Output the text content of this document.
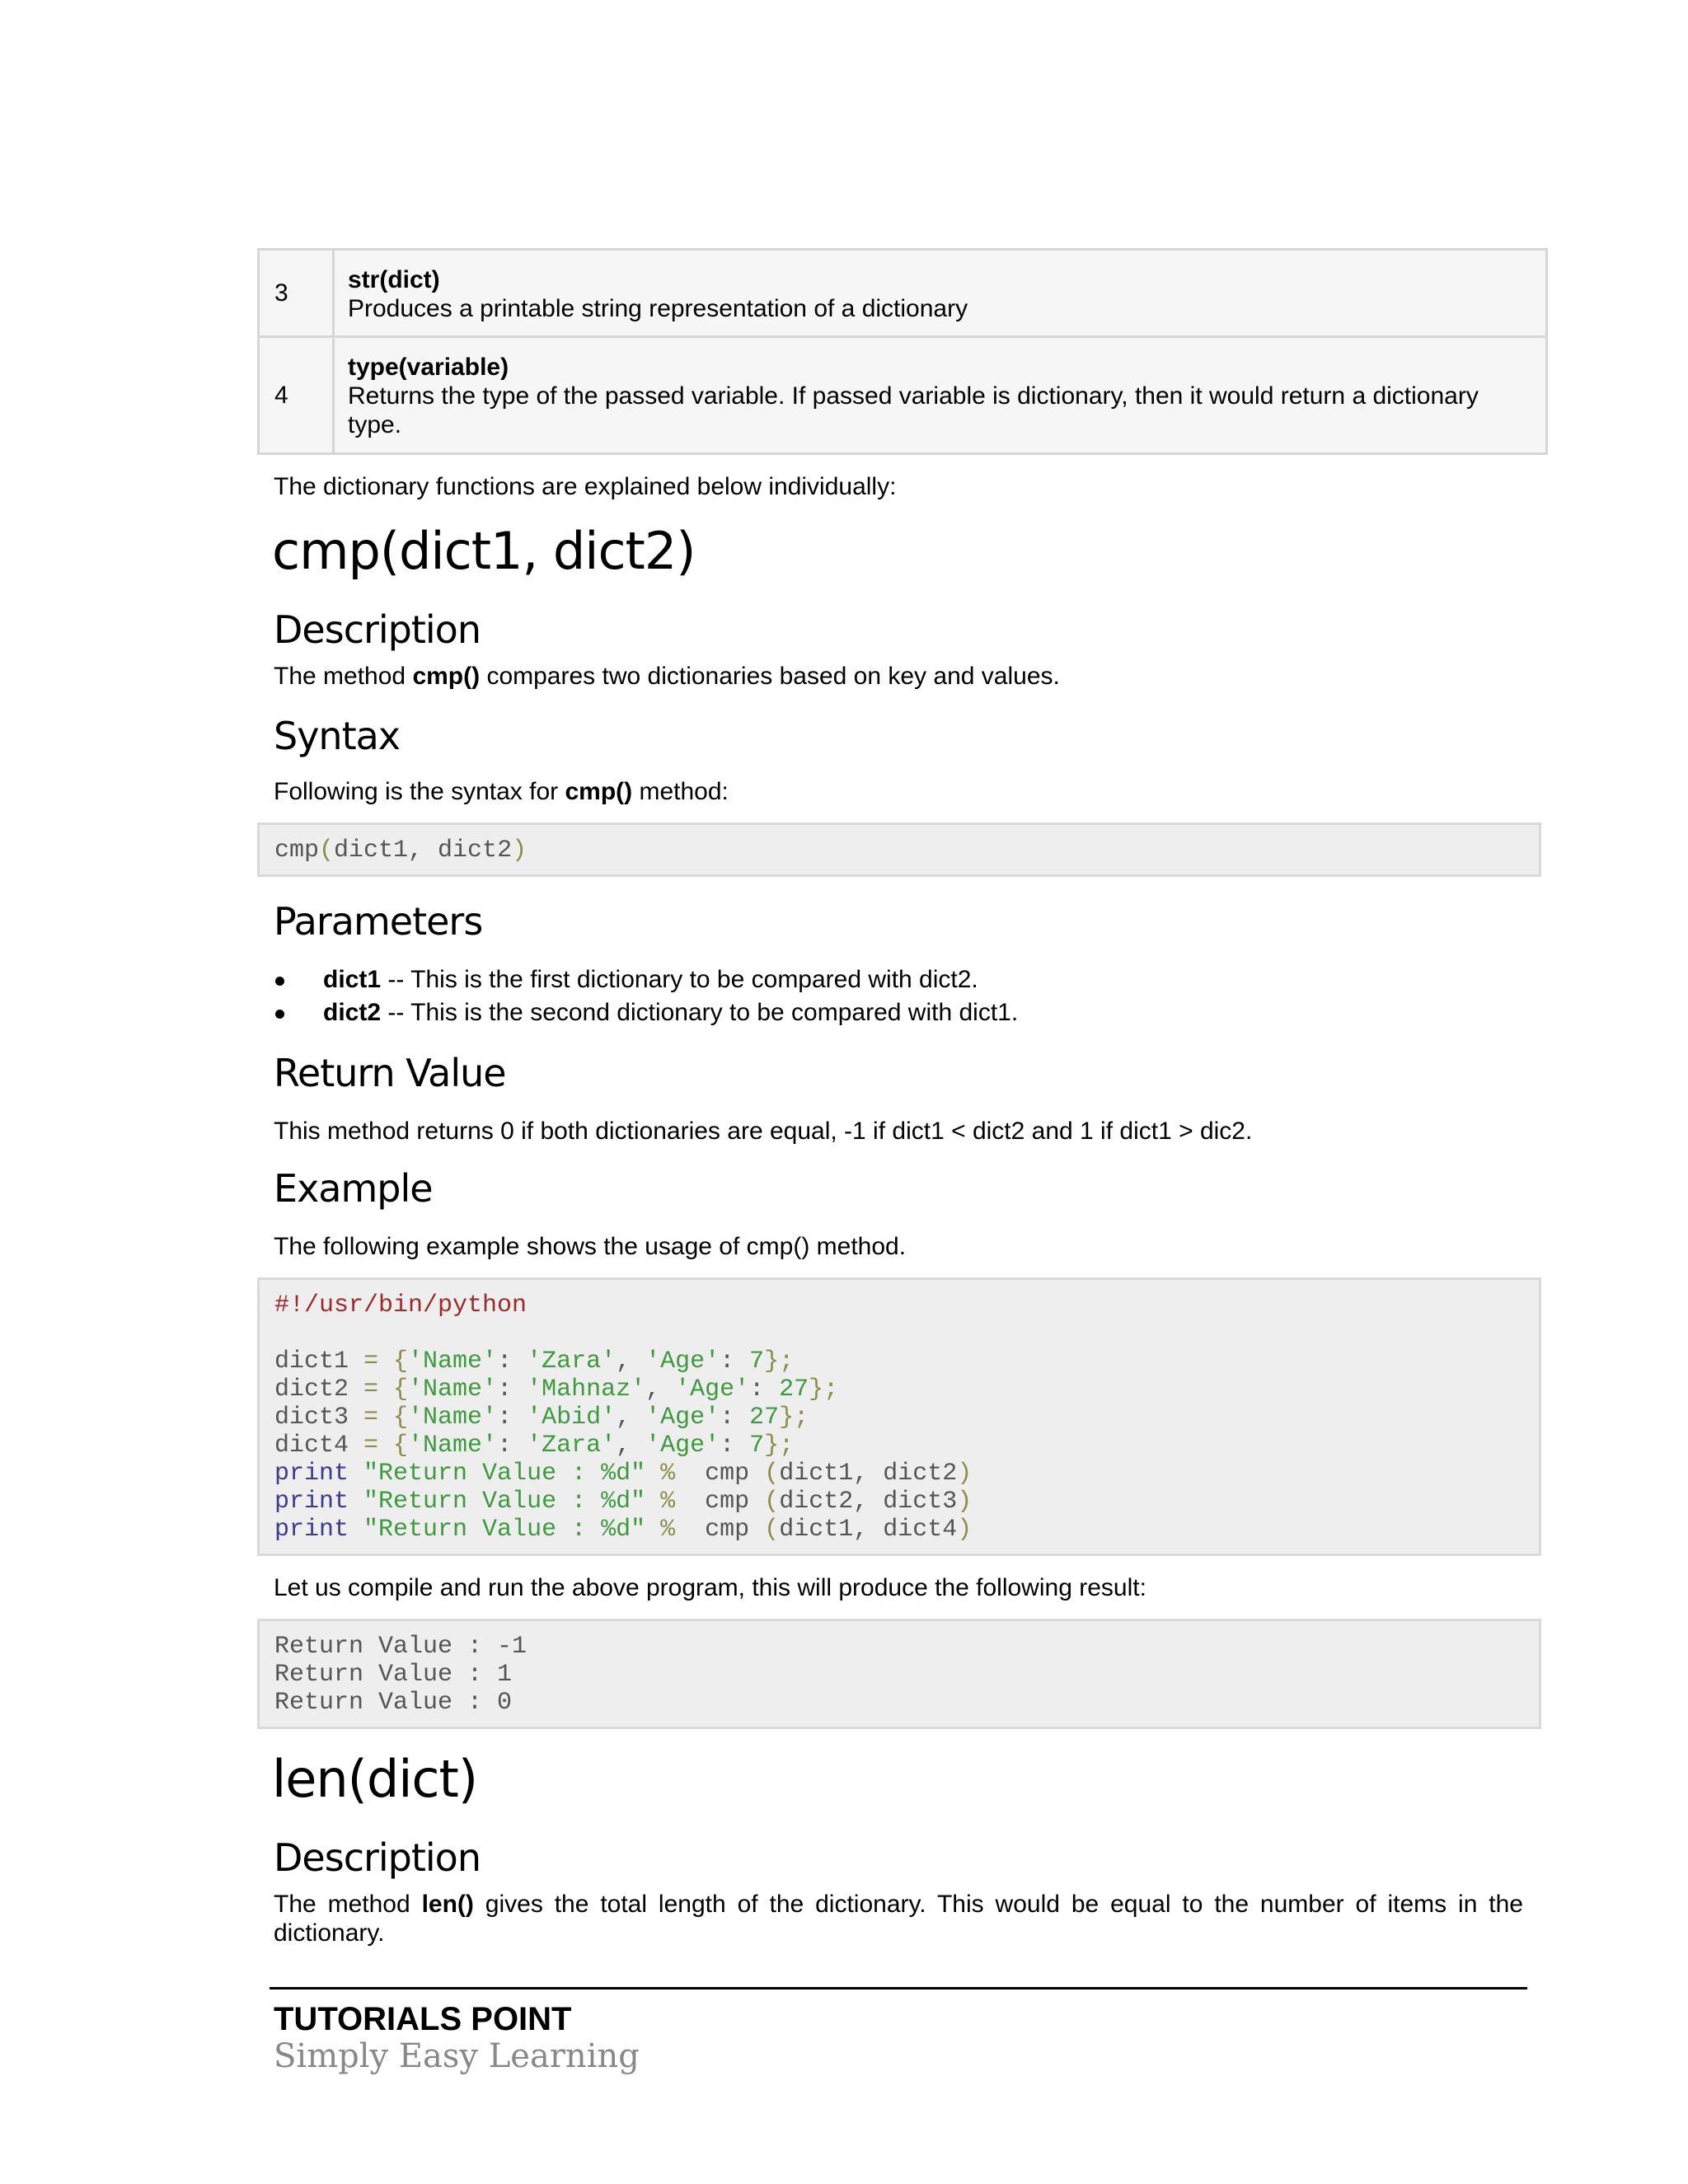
3	str(dict)
Produces a printable string representation of a dictionary
4	type(variable)
Returns the type of the passed variable. If passed variable is dictionary, then it would return a dictionary type.

The dictionary functions are explained below individually:

cmp(dict1, dict2)
Description

The method cmp() compares two dictionaries based on key and values.

Syntax

Following is the syntax for cmp() method:

cmp(dict1, dict2)
Parameters
dict1 -- This is the first dictionary to be compared with dict2.
dict2 -- This is the second dictionary to be compared with dict1.
Return Value

This method returns 0 if both dictionaries are equal, -1 if dict1 < dict2 and 1 if dict1 > dic2.

Example

The following example shows the usage of cmp() method.

#!/usr/bin/python

dict1 = {'Name': 'Zara', 'Age': 7};
dict2 = {'Name': 'Mahnaz', 'Age': 27};
dict3 = {'Name': 'Abid', 'Age': 27};
dict4 = {'Name': 'Zara', 'Age': 7};
print "Return Value : %d" % cmp (dict1, dict2)
print "Return Value : %d" % cmp (dict2, dict3)
print "Return Value : %d" % cmp (dict1, dict4)

Let us compile and run the above program, this will produce the following result:

Return Value : -1
Return Value : 1
Return Value : 0
len(dict)
Description

The method len() gives the total length of the dictionary. This would be equal to the number of items in the dictionary.

TUTORIALS POINT
Simply Easy Learning
